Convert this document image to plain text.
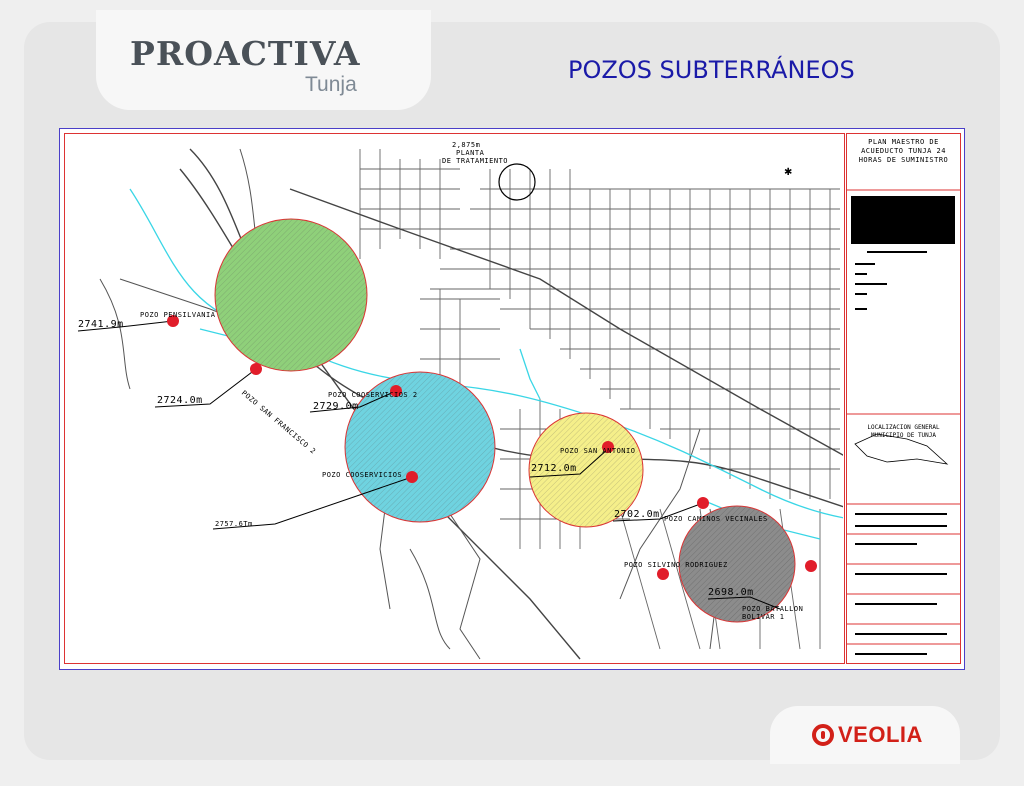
PROACTIVA
Tunja
POZOS SUBTERRÁNEOS
✱
2,875m
PLANTA
DE TRATAMIENTO
POZO PENSILVANIA
2741.9m
POZO SAN FRANCISCO 2
2724.0m	POZO COOSERVICIOS 2
2729.0m
POZO COOSERVICIOS
2757.6Tm
POZO SAN ANTONIO
2712.0m
POZO CAMINOS VECINALES
2702.0m
POZO SILVINO RODRIGUEZ
2698.0m
POZO BATALLON BOLIVAR 1
PLAN MAESTRO DE ACUEDUCTO TUNJA 24 HORAS DE SUMINISTRO
LOCALIZACION GENERAL MUNICIPIO DE TUNJA
VEOLIA
